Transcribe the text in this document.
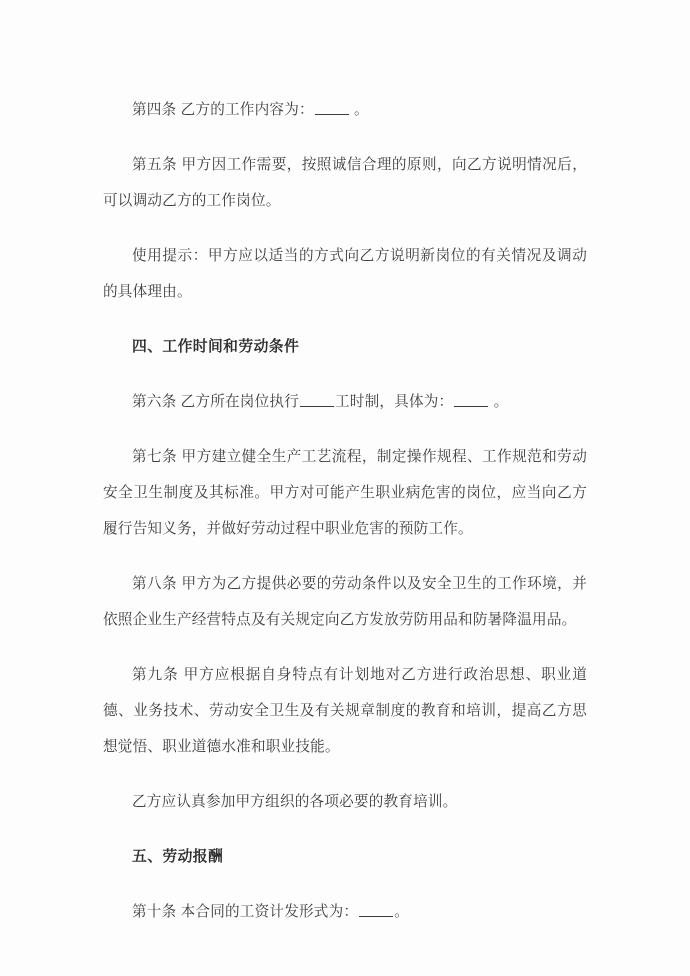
第四条 乙方的工作内容为： 。

第五条 甲方因工作需要，按照诚信合理的原则，向乙方说明情况后，可以调动乙方的工作岗位。

使用提示：甲方应以适当的方式向乙方说明新岗位的有关情况及调动的具体理由。

四、工作时间和劳动条件

第六条 乙方所在岗位执行 工时制，具体为： 。

第七条 甲方建立健全生产工艺流程，制定操作规程、工作规范和劳动安全卫生制度及其标准。甲方对可能产生职业病危害的岗位，应当向乙方履行告知义务，并做好劳动过程中职业危害的预防工作。

第八条 甲方为乙方提供必要的劳动条件以及安全卫生的工作环境，并依照企业生产经营特点及有关规定向乙方发放劳防用品和防暑降温用品。

第九条 甲方应根据自身特点有计划地对乙方进行政治思想、职业道德、业务技术、劳动安全卫生及有关规章制度的教育和培训，提高乙方思想觉悟、职业道德水准和职业技能。

乙方应认真参加甲方组织的各项必要的教育培训。

五、劳动报酬

第十条 本合同的工资计发形式为： 。
